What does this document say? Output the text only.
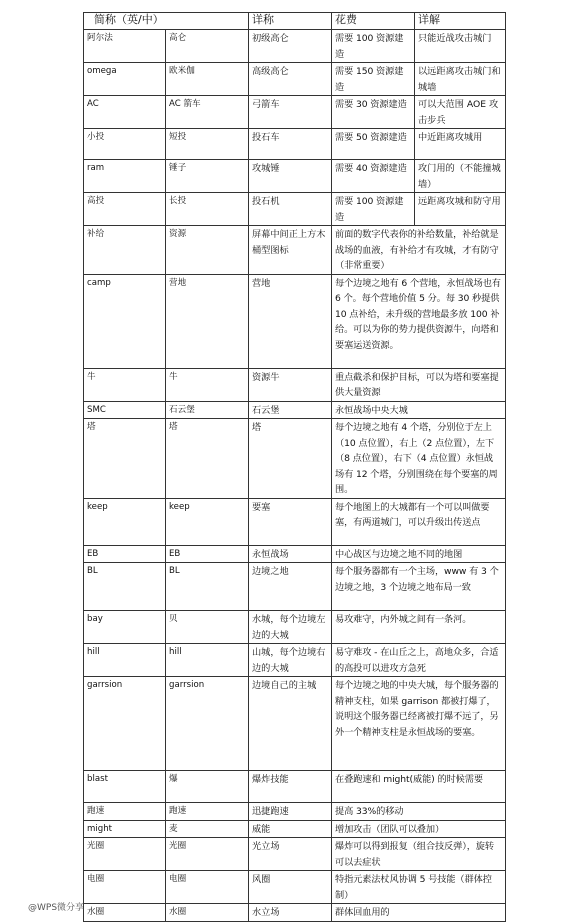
简称（英/中）		详称	花费	详解
阿尔法	高仑	初级高仑	需要 100 资源建造	只能近战攻击城门
omega	欧米伽	高级高仑	需要 150 资源建造	以远距离攻击城门和城墙
AC	AC 箭车	弓箭车	需要 30 资源建造	可以大范围 AOE 攻击步兵
小投	短投	投石车	需要 50 资源建造	中近距离攻城用
ram	锤子	攻城锤	需要 40 资源建造	攻门用的（不能撞城墙）
高投	长投	投石机	需要 100 资源建造	远距离攻城和防守用
补给	资源	屏幕中间正上方木桶型图标	前面的数字代表你的补给数量，补给就是战场的血液，有补给才有攻城，才有防守（非常重要）	
camp	营地	营地	每个边境之地有 6 个营地，永恒战场也有 6 个。每个营地价值 5 分。每 30 秒提供 10 点补给，未升级的营地最多放 100 补给。可以为你的势力提供资源牛，向塔和要塞运送资源。	
牛	牛	资源牛	重点截杀和保护目标，可以为塔和要塞提供大量资源	
SMC	石云堡	石云堡	永恒战场中央大城	
塔	塔	塔	每个边境之地有 4 个塔，分别位于左上（10 点位置），右上（2 点位置），左下（8 点位置），右下（4 点位置）永恒战场有 12 个塔，分别围绕在每个要塞的周围。	
keep	keep	要塞	每个地图上的大城都有一个可以叫做要塞，有两道城门，可以升级出传送点	
EB	EB	永恒战场	中心战区与边境之地不同的地图	
BL	BL	边境之地	每个服务器都有一个主场，www 有 3 个边境之地，3 个边境之地布局一致	
bay	贝	水城，每个边境左边的大城	易攻难守，内外城之间有一条河。	
hill	hill	山城，每个边境右边的大城	易守难攻 - 在山丘之上，高地众多，合适的高投可以进攻方急死	
garrsion	garrsion	边境自己的主城	每个边境之地的中央大城，每个服务器的精神支柱，如果 garrison 都被打爆了，说明这个服务器已经离被打爆不远了，另外一个精神支柱是永恒战场的要塞。	
blast	爆	爆炸技能	在叠跑速和 might(威能) 的时候需要	
跑速	跑速	迅捷跑速	提高 33%的移动	
might	麦	威能	增加攻击（团队可以叠加）	
光圈	光圈	光立场	爆炸可以得到报复（组合技反弹），旋转可以去症状	
电圈	电圈	风圈	特指元素法杖风协调 5 号技能（群体控制）	
水圈	水圈	水立场	群体回血用的	
@WPS微分享
